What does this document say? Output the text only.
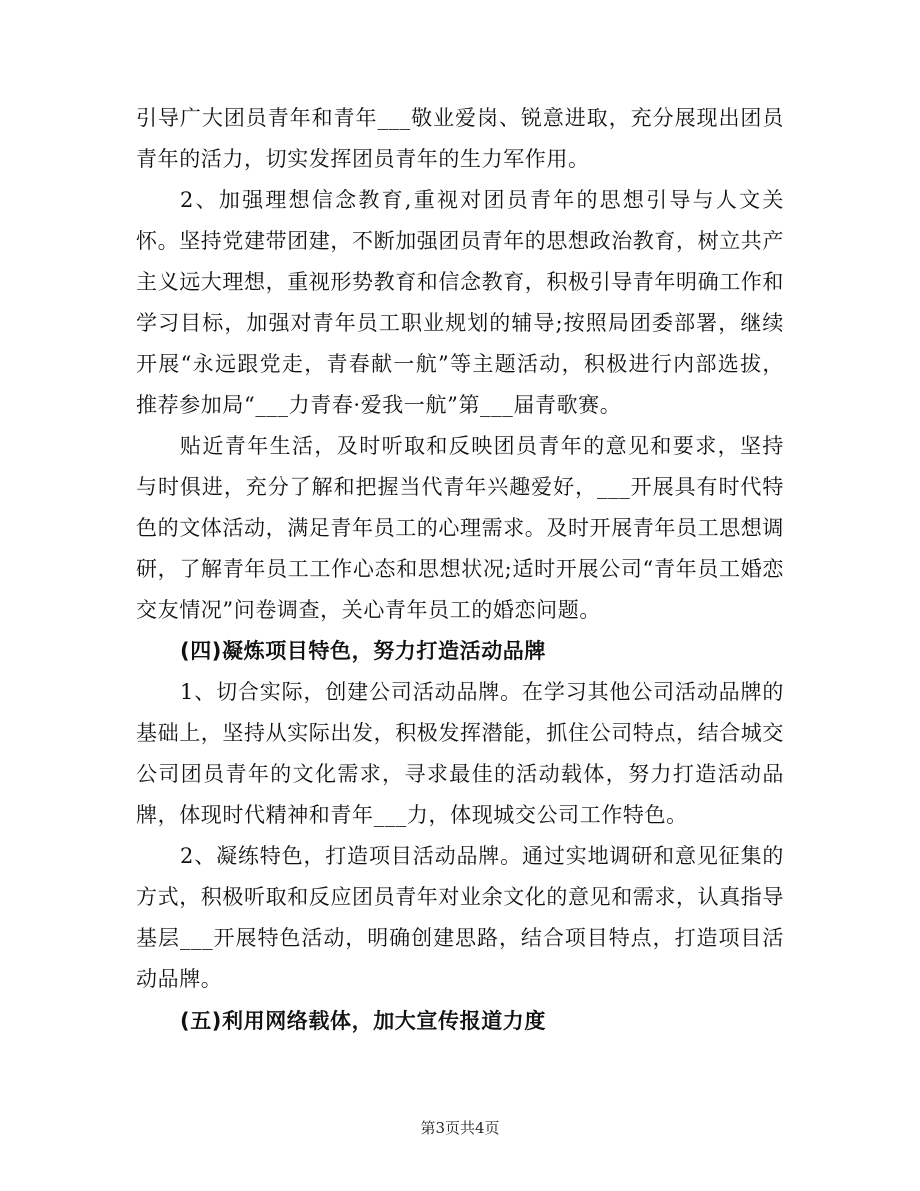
引导广大团员青年和青年___敬业爱岗、锐意进取，充分展现出团员青年的活力，切实发挥团员青年的生力军作用。

2、加强理想信念教育,重视对团员青年的思想引导与人文关怀。坚持党建带团建，不断加强团员青年的思想政治教育，树立共产主义远大理想，重视形势教育和信念教育，积极引导青年明确工作和学习目标，加强对青年员工职业规划的辅导;按照局团委部署，继续开展“永远跟党走，青春献一航”等主题活动，积极进行内部选拔，推荐参加局“___力青春·爱我一航”第___届青歌赛。

贴近青年生活，及时听取和反映团员青年的意见和要求，坚持与时俱进，充分了解和把握当代青年兴趣爱好，___开展具有时代特色的文体活动，满足青年员工的心理需求。及时开展青年员工思想调研，了解青年员工工作心态和思想状况;适时开展公司“青年员工婚恋交友情况”问卷调查，关心青年员工的婚恋问题。

(四)凝炼项目特色，努力打造活动品牌

1、切合实际，创建公司活动品牌。在学习其他公司活动品牌的基础上，坚持从实际出发，积极发挥潜能，抓住公司特点，结合城交公司团员青年的文化需求，寻求最佳的活动载体，努力打造活动品牌，体现时代精神和青年___力，体现城交公司工作特色。

2、凝练特色，打造项目活动品牌。通过实地调研和意见征集的方式，积极听取和反应团员青年对业余文化的意见和需求，认真指导基层___开展特色活动，明确创建思路，结合项目特点，打造项目活动品牌。

(五)利用网络载体，加大宣传报道力度

第3页共4页
